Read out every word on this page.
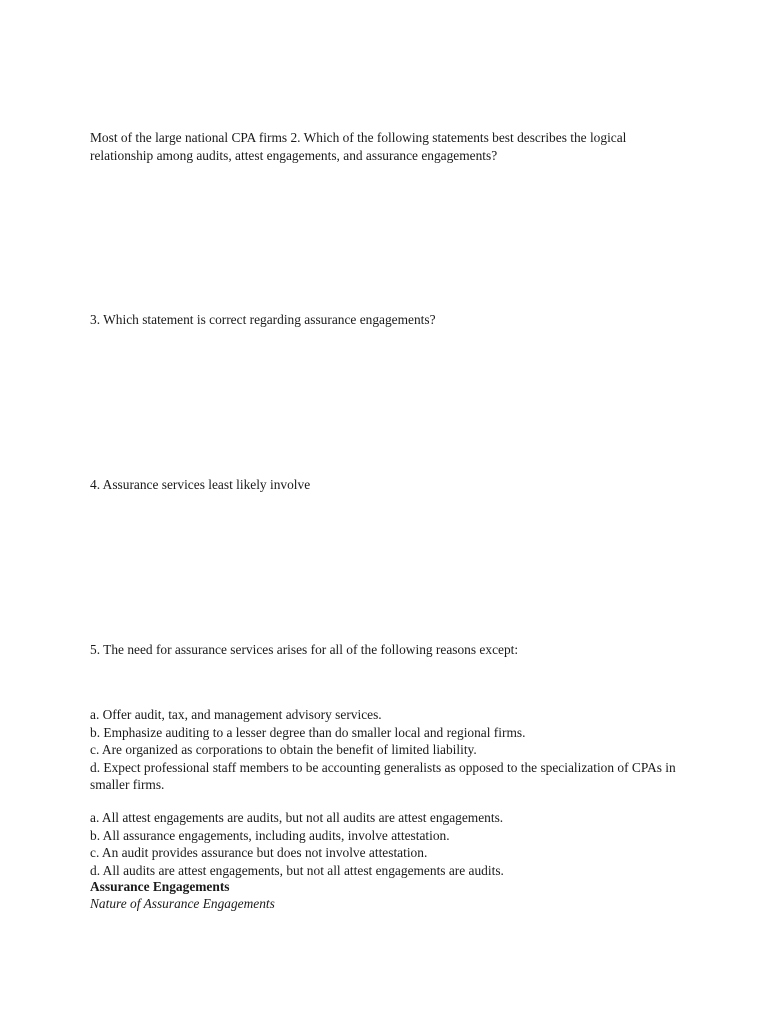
Most of the large national CPA firms 2. Which of the following statements best describes the logical relationship among audits, attest engagements, and assurance engagements?

3. Which statement is correct regarding assurance engagements?

4. Assurance services least likely involve

5. The need for assurance services arises for all of the following reasons except:

a. Offer audit, tax, and management advisory services.

b. Emphasize auditing to a lesser degree than do smaller local and regional firms.

c. Are organized as corporations to obtain the benefit of limited liability.

d. Expect professional staff members to be accounting generalists as opposed to the specialization of CPAs in smaller firms.

a. All attest engagements are audits, but not all audits are attest engagements.

b. All assurance engagements, including audits, involve attestation.

c. An audit provides assurance but does not involve attestation.

d. All audits are attest engagements, but not all attest engagements are audits.

Assurance Engagements

Nature of Assurance Engagements
